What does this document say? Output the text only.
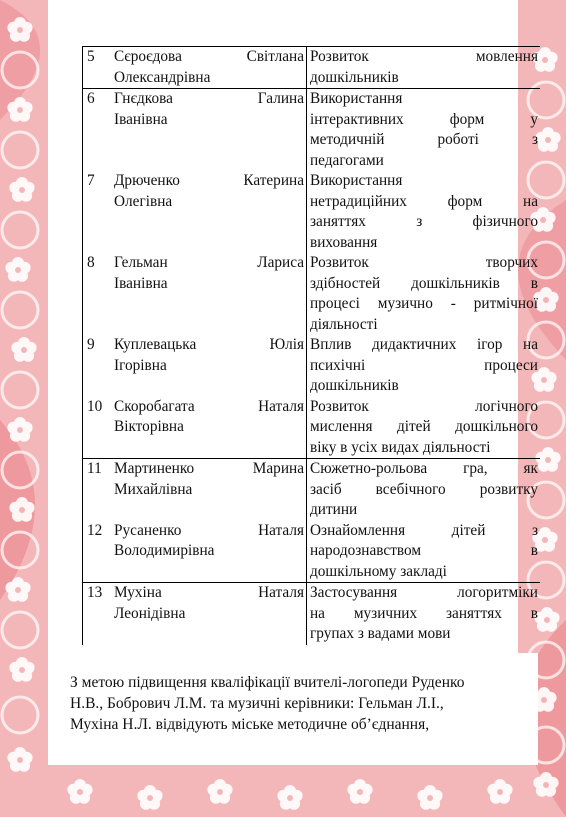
5	Сєроєдова Світлана
Олександрівна	Розвиток мовлення
дошкільників

6	Гнєдкова Галина
Іванівна	Використання
інтерактивних форм у
методичній роботі з
педагогами

7	Дрюченко Катерина
Олегівна	Використання
нетрадиційних форм на
заняттях з фізичного
виховання

8	Гельман Лариса
Іванівна	Розвиток творчих
здібностей дошкільників в
процесі музично - ритмічної
діяльності

9	Куплевацька Юлія
Ігорівна	Вплив дидактичних ігор на
психічні процеси
дошкільників

10	Скоробагата Наталя
Вікторівна	Розвиток логічного
мислення дітей дошкільного
віку в усіх видах діяльності

11	Мартиненко Марина
Михайлівна	Сюжетно-рольова гра, як
засіб всебічного розвитку
дитини

12	Русаненко Наталя
Володимирівна	Ознайомлення дітей з
народознавством в
дошкільному закладі

13	Мухіна Наталя
Леонідівна	Застосування логоритміки
на музичних заняттях в
групах з вадами мови
З метою підвищення кваліфікації вчителі-логопеди Руденко
Н.В., Бобрович Л.М. та музичні керівники: Гельман Л.І.,
Мухіна Н.Л. відвідують міське методичне об’єднання,
